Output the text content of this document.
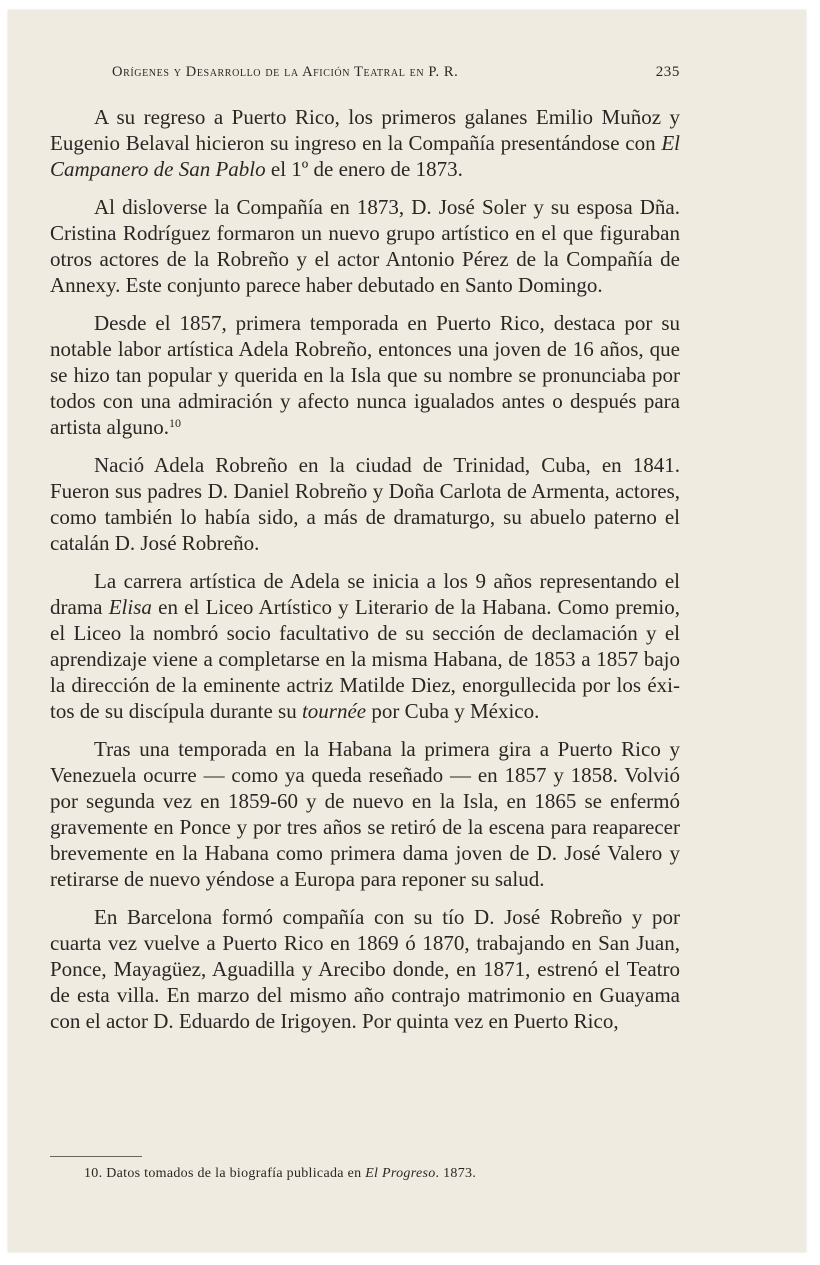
Orígenes y Desarrollo de la Afición Teatral en P. R.	235

A su regreso a Puerto Rico, los primeros galanes Emilio Muñoz y Eugenio Belaval hicieron su ingreso en la Compañía presentándose con El Campanero de San Pablo el 1º de enero de 1873.

Al disloverse la Compañía en 1873, D. José Soler y su esposa Dña. Cristina Rodríguez formaron un nuevo grupo artístico en el que figuraban otros actores de la Robreño y el actor Antonio Pérez de la Compañía de Annexy. Este conjunto parece haber debutado en Santo Domingo.

Desde el 1857, primera temporada en Puerto Rico, destaca por su notable labor artística Adela Robreño, entonces una joven de 16 años, que se hizo tan popular y querida en la Isla que su nombre se pronunciaba por todos con una admiración y afecto nunca igualados antes o después para artista alguno.$^{10}$

Nació Adela Robreño en la ciudad de Trinidad, Cuba, en 1841. Fueron sus padres D. Daniel Robreño y Doña Carlota de Armenta, actores, como también lo había sido, a más de dramaturgo, su abuelo paterno el catalán D. José Robreño.

La carrera artística de Adela se inicia a los 9 años representando el drama Elisa en el Liceo Artístico y Literario de la Habana. Como premio, el Liceo la nombró socio facultativo de su sección de declamación y el aprendizaje viene a completarse en la misma Habana, de 1853 a 1857 bajo la dirección de la eminente actriz Matilde Diez, enorgullecida por los éxitos de su discípula durante su tournée por Cuba y México.

Tras una temporada en la Habana la primera gira a Puerto Rico y Venezuela ocurre — como ya queda reseñado — en 1857 y 1858. Volvió por segunda vez en 1859-60 y de nuevo en la Isla, en 1865 se enfermó gravemente en Ponce y por tres años se retiró de la escena para reaparecer brevemente en la Habana como primera dama joven de D. José Valero y retirarse de nuevo yéndose a Europa para reponer su salud.

En Barcelona formó compañía con su tío D. José Robreño y por cuarta vez vuelve a Puerto Rico en 1869 ó 1870, trabajando en San Juan, Ponce, Mayagüez, Aguadilla y Arecibo donde, en 1871, estrenó el Teatro de esta villa. En marzo del mismo año contrajo matrimonio en Guayama con el actor D. Eduardo de Irigoyen. Por quinta vez en Puerto Rico,

10. Datos tomados de la biografía publicada en El Progreso. 1873.
